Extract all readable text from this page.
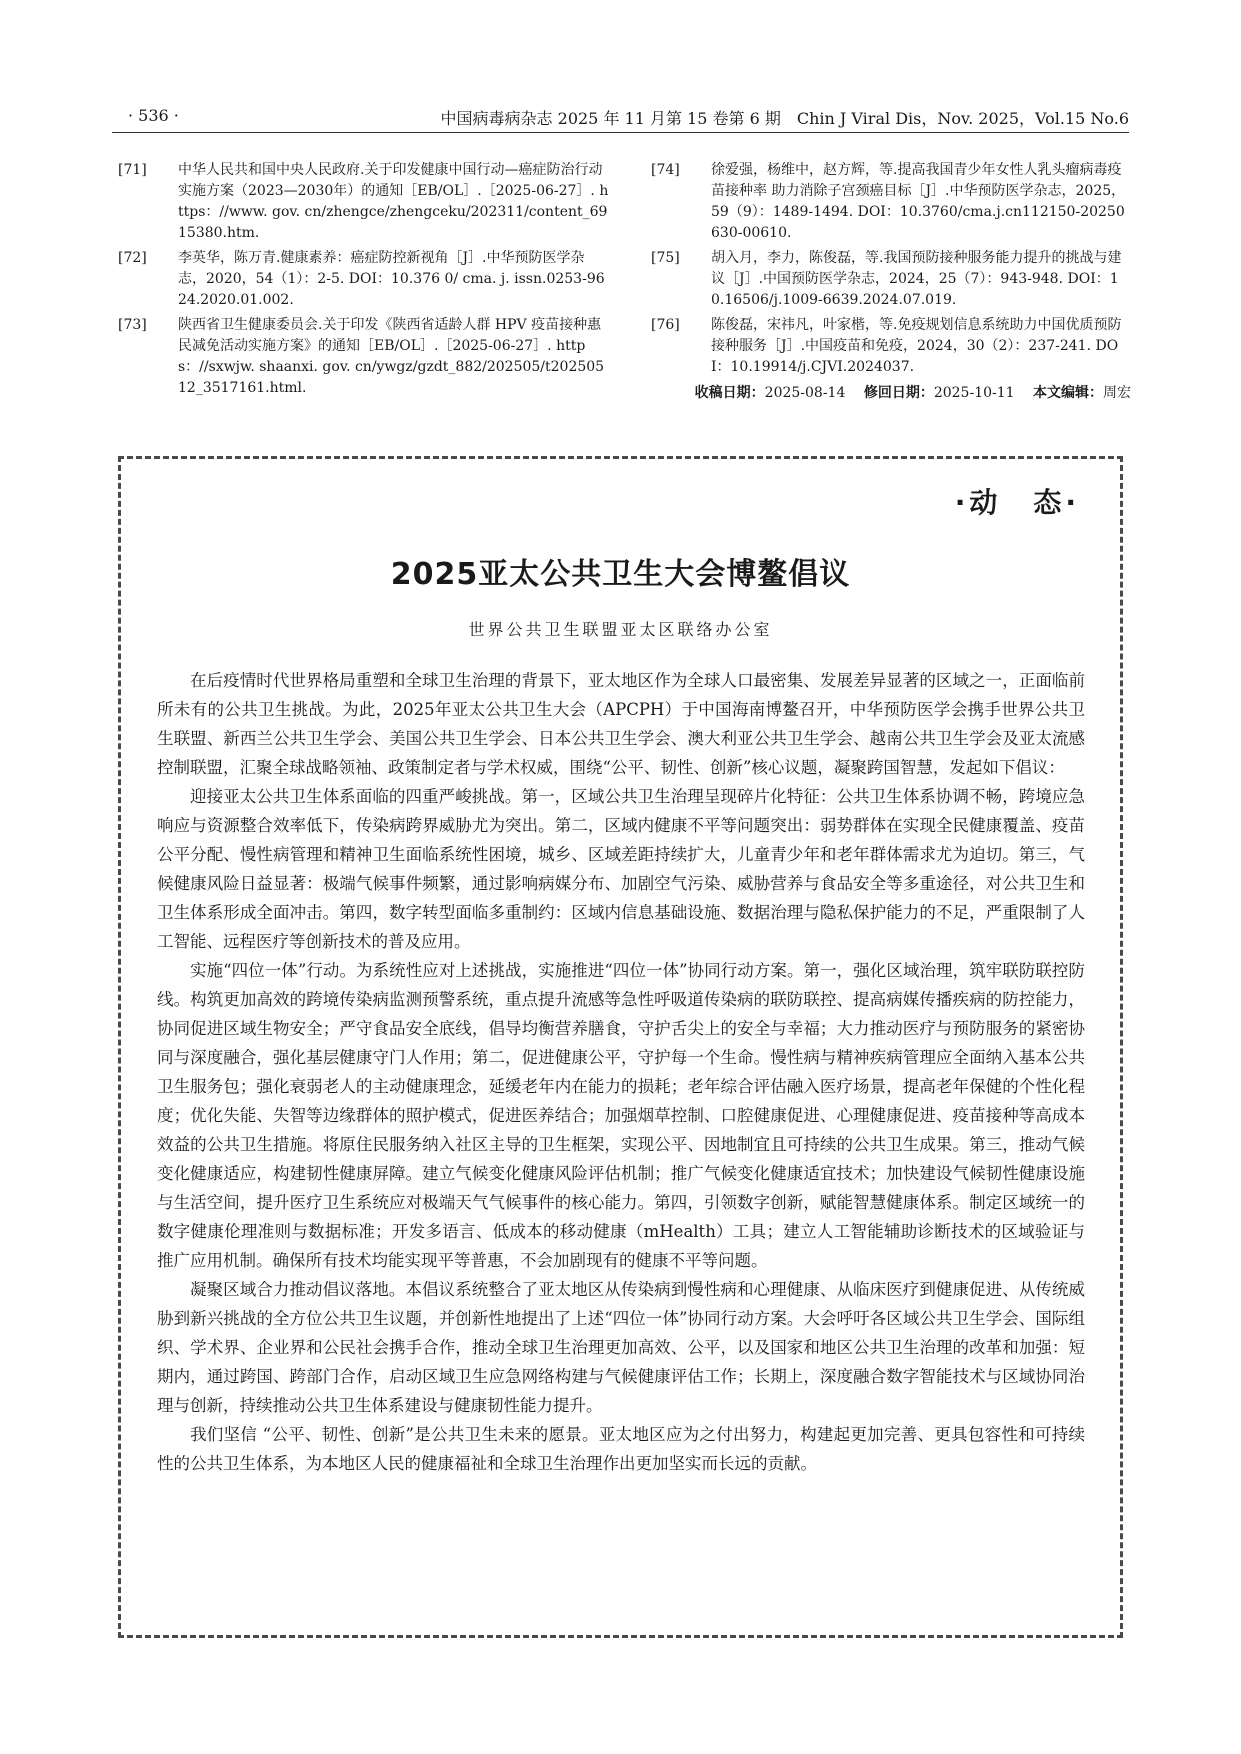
· 536 ·	中国病毒病杂志 2025 年 11 月第 15 卷第 6 期　Chin J Viral Dis，Nov. 2025，Vol.15 No.6
[71]	中华人民共和国中央人民政府.关于印发健康中国行动—癌症防治行动实施方案（2023—2030年）的通知［EB/OL］.［2025-06-27］. https：//www. gov. cn/zhengce/zhengceku/202311/content_6915380.htm.
[72]	李英华，陈万青.健康素养：癌症防控新视角［J］.中华预防医学杂志，2020，54（1）：2-5. DOI：10.376 0/ cma. j. issn.0253-9624.2020.01.002.
[73]	陕西省卫生健康委员会.关于印发《陕西省适龄人群 HPV 疫苗接种惠民减免活动实施方案》的通知［EB/OL］.［2025-06-27］. https：//sxwjw. shaanxi. gov. cn/ywgz/gzdt_882/202505/t20250512_3517161.html.
[74]	徐爱强，杨维中，赵方辉，等.提高我国青少年女性人乳头瘤病毒疫苗接种率 助力消除子宫颈癌目标［J］.中华预防医学杂志，2025，59（9）：1489-1494. DOI：10.3760/cma.j.cn112150-20250630-00610.
[75]	胡入月，李力，陈俊磊，等.我国预防接种服务能力提升的挑战与建议［J］.中国预防医学杂志，2024，25（7）：943-948. DOI：10.16506/j.1009-6639.2024.07.019.
[76]	陈俊磊，宋祎凡，叶家楷，等.免疫规划信息系统助力中国优质预防接种服务［J］.中国疫苗和免疫，2024，30（2）：237-241. DOI：10.19914/j.CJVI.2024037.
收稿日期：2025-08-14 修回日期：2025-10-11 本文编辑：周宏
·动 态·
2025亚太公共卫生大会博鳌倡议
世界公共卫生联盟亚太区联络办公室

在后疫情时代世界格局重塑和全球卫生治理的背景下，亚太地区作为全球人口最密集、发展差异显著的区域之一，正面临前所未有的公共卫生挑战。为此，2025年亚太公共卫生大会（APCPH）于中国海南博鳌召开，中华预防医学会携手世界公共卫生联盟、新西兰公共卫生学会、美国公共卫生学会、日本公共卫生学会、澳大利亚公共卫生学会、越南公共卫生学会及亚太流感控制联盟，汇聚全球战略领袖、政策制定者与学术权威，围绕“公平、韧性、创新”核心议题，凝聚跨国智慧，发起如下倡议：

迎接亚太公共卫生体系面临的四重严峻挑战。第一，区域公共卫生治理呈现碎片化特征：公共卫生体系协调不畅，跨境应急响应与资源整合效率低下，传染病跨界威胁尤为突出。第二，区域内健康不平等问题突出：弱势群体在实现全民健康覆盖、疫苗公平分配、慢性病管理和精神卫生面临系统性困境，城乡、区域差距持续扩大，儿童青少年和老年群体需求尤为迫切。第三，气候健康风险日益显著：极端气候事件频繁，通过影响病媒分布、加剧空气污染、威胁营养与食品安全等多重途径，对公共卫生和卫生体系形成全面冲击。第四，数字转型面临多重制约：区域内信息基础设施、数据治理与隐私保护能力的不足，严重限制了人工智能、远程医疗等创新技术的普及应用。

实施“四位一体”行动。为系统性应对上述挑战，实施推进“四位一体”协同行动方案。第一，强化区域治理，筑牢联防联控防线。构筑更加高效的跨境传染病监测预警系统，重点提升流感等急性呼吸道传染病的联防联控、提高病媒传播疾病的防控能力，协同促进区域生物安全；严守食品安全底线，倡导均衡营养膳食，守护舌尖上的安全与幸福；大力推动医疗与预防服务的紧密协同与深度融合，强化基层健康守门人作用；第二，促进健康公平，守护每一个生命。慢性病与精神疾病管理应全面纳入基本公共卫生服务包；强化衰弱老人的主动健康理念，延缓老年内在能力的损耗；老年综合评估融入医疗场景，提高老年保健的个性化程度；优化失能、失智等边缘群体的照护模式，促进医养结合；加强烟草控制、口腔健康促进、心理健康促进、疫苗接种等高成本效益的公共卫生措施。将原住民服务纳入社区主导的卫生框架，实现公平、因地制宜且可持续的公共卫生成果。第三，推动气候变化健康适应，构建韧性健康屏障。建立气候变化健康风险评估机制；推广气候变化健康适宜技术；加快建设气候韧性健康设施与生活空间，提升医疗卫生系统应对极端天气气候事件的核心能力。第四，引领数字创新，赋能智慧健康体系。制定区域统一的数字健康伦理准则与数据标准；开发多语言、低成本的移动健康（mHealth）工具；建立人工智能辅助诊断技术的区域验证与推广应用机制。确保所有技术均能实现平等普惠，不会加剧现有的健康不平等问题。

凝聚区域合力推动倡议落地。本倡议系统整合了亚太地区从传染病到慢性病和心理健康、从临床医疗到健康促进、从传统威胁到新兴挑战的全方位公共卫生议题，并创新性地提出了上述“四位一体”协同行动方案。大会呼吁各区域公共卫生学会、国际组织、学术界、企业界和公民社会携手合作，推动全球卫生治理更加高效、公平，以及国家和地区公共卫生治理的改革和加强：短期内，通过跨国、跨部门合作，启动区域卫生应急网络构建与气候健康评估工作；长期上，深度融合数字智能技术与区域协同治理与创新，持续推动公共卫生体系建设与健康韧性能力提升。

我们坚信 “公平、韧性、创新”是公共卫生未来的愿景。亚太地区应为之付出努力，构建起更加完善、更具包容性和可持续性的公共卫生体系，为本地区人民的健康福祉和全球卫生治理作出更加坚实而长远的贡献。
